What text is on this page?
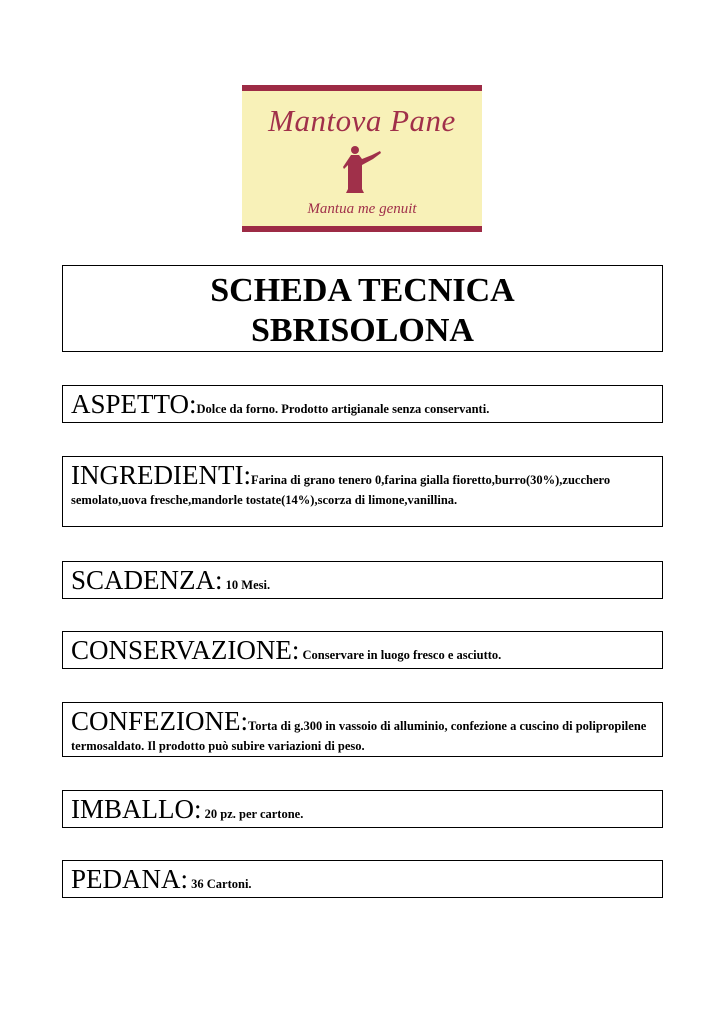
Mantova Pane
Mantua me genuit
SCHEDA TECNICA
SBRISOLONA
ASPETTO:Dolce da forno. Prodotto artigianale senza conservanti.
INGREDIENTI:Farina di grano tenero 0,farina gialla fioretto,burro(30%),zucchero semolato,uova fresche,mandorle tostate(14%),scorza di limone,vanillina.
SCADENZA: 10 Mesi.
CONSERVAZIONE: Conservare in luogo fresco e asciutto.
CONFEZIONE:Torta di g.300 in vassoio di alluminio, confezione a cuscino di polipropilene termosaldato. Il prodotto può subire variazioni di peso.
IMBALLO: 20 pz. per cartone.
PEDANA: 36 Cartoni.
